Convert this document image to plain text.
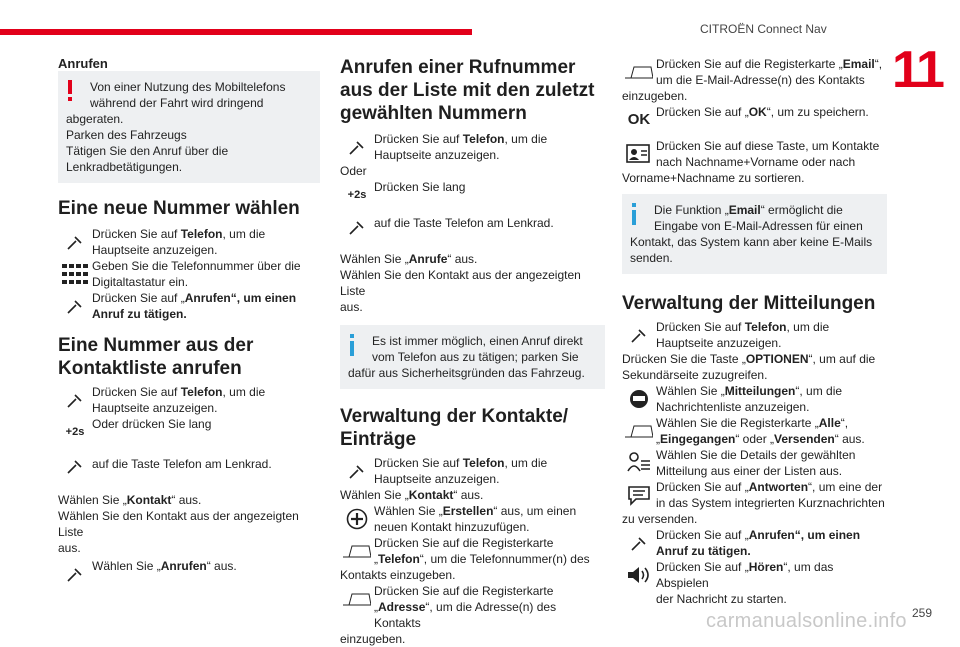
CITROËN Connect Nav
11
Anrufen
Von einer Nutzung des Mobiltelefons
während der Fahrt wird dringend
abgeraten.
Parken des Fahrzeugs
Tätigen Sie den Anruf über die
Lenkradbetätigungen.
Eine neue Nummer wählen
Drücken Sie auf Telefon, um die
Hauptseite anzuzeigen.
Geben Sie die Telefonnummer über die
Digitaltastatur ein.
Drücken Sie auf „Anrufen“, um einen
Anruf zu tätigen.
Eine Nummer aus der
Kontaktliste anrufen
Drücken Sie auf Telefon, um die
Hauptseite anzuzeigen.
+2s
Oder drücken Sie lang
auf die Taste Telefon am Lenkrad.
Wählen Sie „Kontakt“ aus.
Wählen Sie den Kontakt aus der angezeigten Liste
aus.
Wählen Sie „Anrufen“ aus.
Anrufen einer Rufnummer
aus der Liste mit den zuletzt
gewählten Nummern
Drücken Sie auf Telefon, um die
Hauptseite anzuzeigen.
Oder
+2s
Drücken Sie lang
auf die Taste Telefon am Lenkrad.
Wählen Sie „Anrufe“ aus.
Wählen Sie den Kontakt aus der angezeigten Liste
aus.
Es ist immer möglich, einen Anruf direkt
vom Telefon aus zu tätigen; parken Sie
dafür aus Sicherheitsgründen das Fahrzeug.
Verwaltung der Kontakte/
Einträge
Drücken Sie auf Telefon, um die
Hauptseite anzuzeigen.
Wählen Sie „Kontakt“ aus.
Wählen Sie „Erstellen“ aus, um einen
neuen Kontakt hinzuzufügen.
Drücken Sie auf die Registerkarte
„Telefon“, um die Telefonnummer(n) des
Kontakts einzugeben.
Drücken Sie auf die Registerkarte
„Adresse“, um die Adresse(n) des Kontakts
einzugeben.
Drücken Sie auf die Registerkarte „Email“,
um die E-Mail-Adresse(n) des Kontakts
einzugeben.
OK Drücken Sie auf „OK“, um zu speichern.
Drücken Sie auf diese Taste, um Kontakte
nach Nachname+Vorname oder nach
Vorname+Nachname zu sortieren.
Die Funktion „Email“ ermöglicht die
Eingabe von E-Mail-Adressen für einen
Kontakt, das System kann aber keine E-Mails
senden.
Verwaltung der Mitteilungen
Drücken Sie auf Telefon, um die
Hauptseite anzuzeigen.
Drücken Sie die Taste „OPTIONEN“, um auf die
Sekundärseite zuzugreifen.
Wählen Sie „Mitteilungen“, um die
Nachrichtenliste anzuzeigen.
Wählen Sie die Registerkarte „Alle“,
„Eingegangen“ oder „Versenden“ aus.
Wählen Sie die Details der gewählten
Mitteilung aus einer der Listen aus.
Drücken Sie auf „Antworten“, um eine der
in das System integrierten Kurznachrichten
zu versenden.
Drücken Sie auf „Anrufen“, um einen
Anruf zu tätigen.
Drücken Sie auf „Hören“, um das Abspielen
der Nachricht zu starten.
259
carmanualsonline.info
